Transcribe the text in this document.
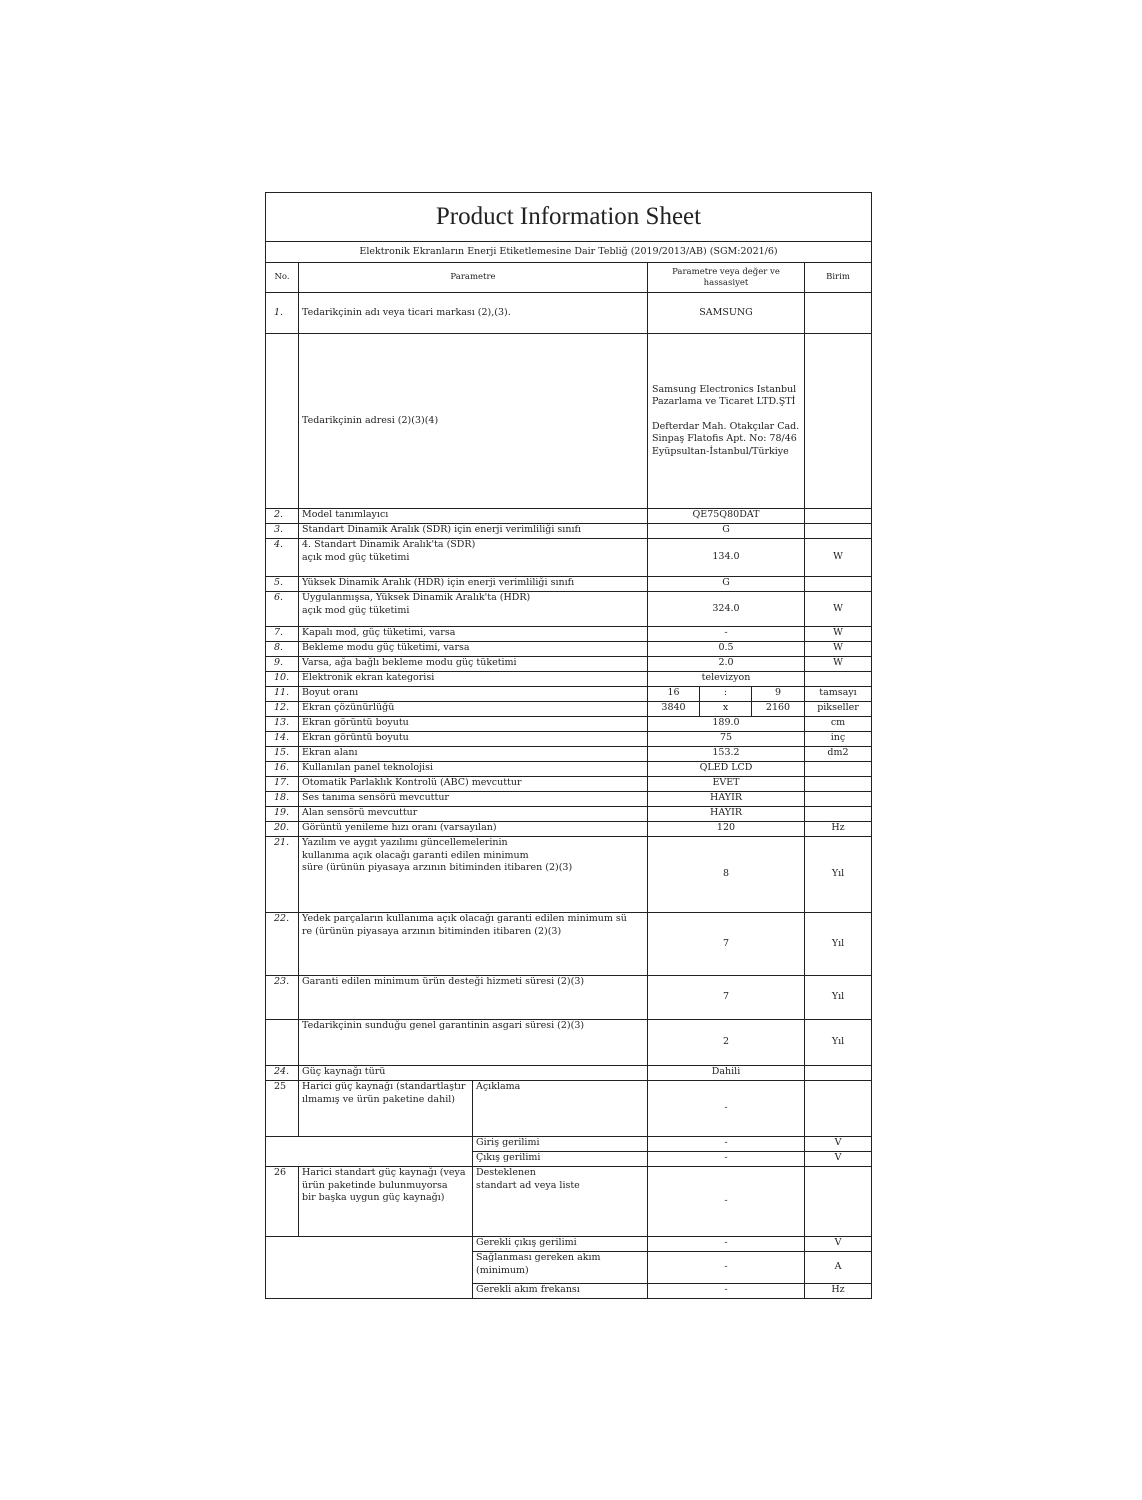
Product Information Sheet						
Elektronik Ekranların Enerji Etiketlemesine Dair Tebliğ (2019/2013/AB) (SGM:2021/6)						
No.	Parametre		Parametre veya değer ve hassasiyet			Birim
1.	Tedarikçinin adı veya ticari markası (2),(3).		SAMSUNG			
	Tedarikçinin adresi (2)(3)(4)		Samsung Electronics Istanbul
Pazarlama ve Ticaret LTD.ŞTİ
Defterdar Mah. Otakçılar Cad.
Sinpaş Flatofis Apt. No: 78/46
Eyüpsultan-İstanbul/Türkiye			

2.	Model tanımlayıcı		QE75Q80DAT			
3.	Standart Dinamik Aralık (SDR) için enerji verimliliği sınıfı		G			
4.	4. Standart Dinamik Aralık'ta (SDR)
açık mod güç tüketimi		134.0			W
5.	Yüksek Dinamik Aralık (HDR) için enerji verimliliği sınıfı		G			
6.	Uygulanmışsa, Yüksek Dinamik Aralık'ta (HDR)
açık mod güç tüketimi		324.0			W
7.	Kapalı mod, güç tüketimi, varsa		-			W
8.	Bekleme modu güç tüketimi, varsa		0.5			W
9.	Varsa, ağa bağlı bekleme modu güç tüketimi		2.0			W
10.	Elektronik ekran kategorisi		televizyon			
11.	Boyut oranı		16	:	9	tamsayı
12.	Ekran çözünürlüğü		3840	x	2160	pikseller
13.	Ekran görüntü boyutu		189.0			cm
14.	Ekran görüntü boyutu		75			inç
15.	Ekran alanı		153.2			dm2
16.	Kullanılan panel teknolojisi		QLED LCD			
17.	Otomatik Parlaklık Kontrolü (ABC) mevcuttur		EVET			
18.	Ses tanıma sensörü mevcuttur		HAYIR			
19.	Alan sensörü mevcuttur		HAYIR			
20.	Görüntü yenileme hızı oranı (varsayılan)		120			Hz
21.	Yazılım ve aygıt yazılımı güncellemelerinin
kullanıma açık olacağı garanti edilen minimum
süre (ürünün piyasaya arzının bitiminden itibaren (2)(3)		8			Yıl
22.	Yedek parçaların kullanıma açık olacağı garanti edilen minimum sü
re (ürünün piyasaya arzının bitiminden itibaren (2)(3)		7			Yıl
23.	Garanti edilen minimum ürün desteği hizmeti süresi (2)(3)		7			Yıl
	Tedarikçinin sunduğu genel garantinin asgari süresi (2)(3)		2			Yıl
24.	Güç kaynağı türü		Dahili			
25	Harici güç kaynağı (standartlaştır
ılmamış ve ürün paketine dahil)	Açıklama	-			
		Giriş gerilimi	-			V
		Çıkış gerilimi	-			V
26	Harici standart güç kaynağı (veya
ürün paketinde bulunmuyorsa
bir başka uygun güç kaynağı)	Desteklenen
standart ad veya liste	-			
		Gerekli çıkış gerilimi	-			V

		Sağlanması gereken akım
(minimum)	-			A
		Gerekli akım frekansı	-			Hz
